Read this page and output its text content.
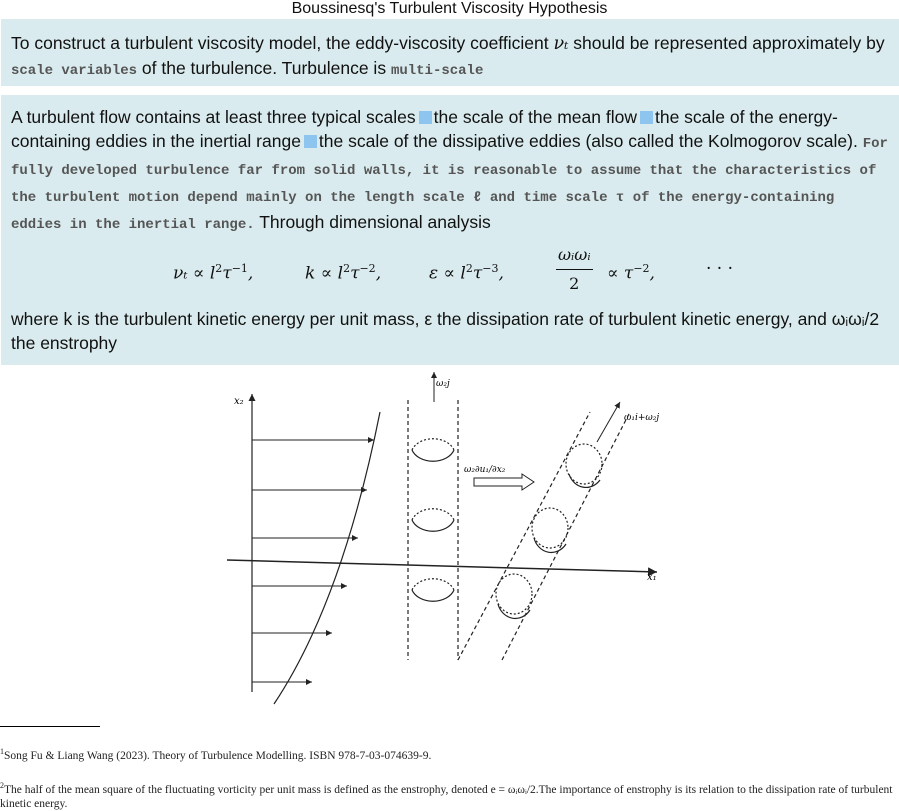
Boussinesq's Turbulent Viscosity Hypothesis
To construct a turbulent viscosity model, the eddy-viscosity coefficient νₜ should be represented approximately by scale variables of the turbulence. Turbulence is multi-scale
A turbulent flow contains at least three typical scales the scale of the mean flow the scale of the energy-containing eddies in the inertial range the scale of the dissipative eddies (also called the Kolmogorov scale). For fully developed turbulence far from solid walls, it is reasonable to assume that the characteristics of the turbulent motion depend mainly on the length scale ℓ and time scale τ of the energy-containing eddies in the inertial range. Through dimensional analysis
$\nu_t \propto l^2\tau^{-1}$,	$k \propto l^2\tau^{-2}$,	$\varepsilon \propto l^2\tau^{-3}$,
ωᵢωᵢ
2	∝ $\tau^{-2}$,	· · ·
where k is the turbulent kinetic energy per unit mass, ε the dissipation rate of turbulent kinetic energy, and ωᵢωᵢ/2 the enstrophy
x₂
x₁
ω₂j
ω₂∂u₁/∂x₂
ω₁i+ω₂j
$^1$Song Fu & Liang Wang (2023). Theory of Turbulence Modelling. ISBN 978-7-03-074639-9.
$^2$The half of the mean square of the fluctuating vorticity per unit mass is defined as the enstrophy, denoted e = ωᵢωᵢ/2.The importance of enstrophy is its relation to the dissipation rate of turbulent kinetic energy.
